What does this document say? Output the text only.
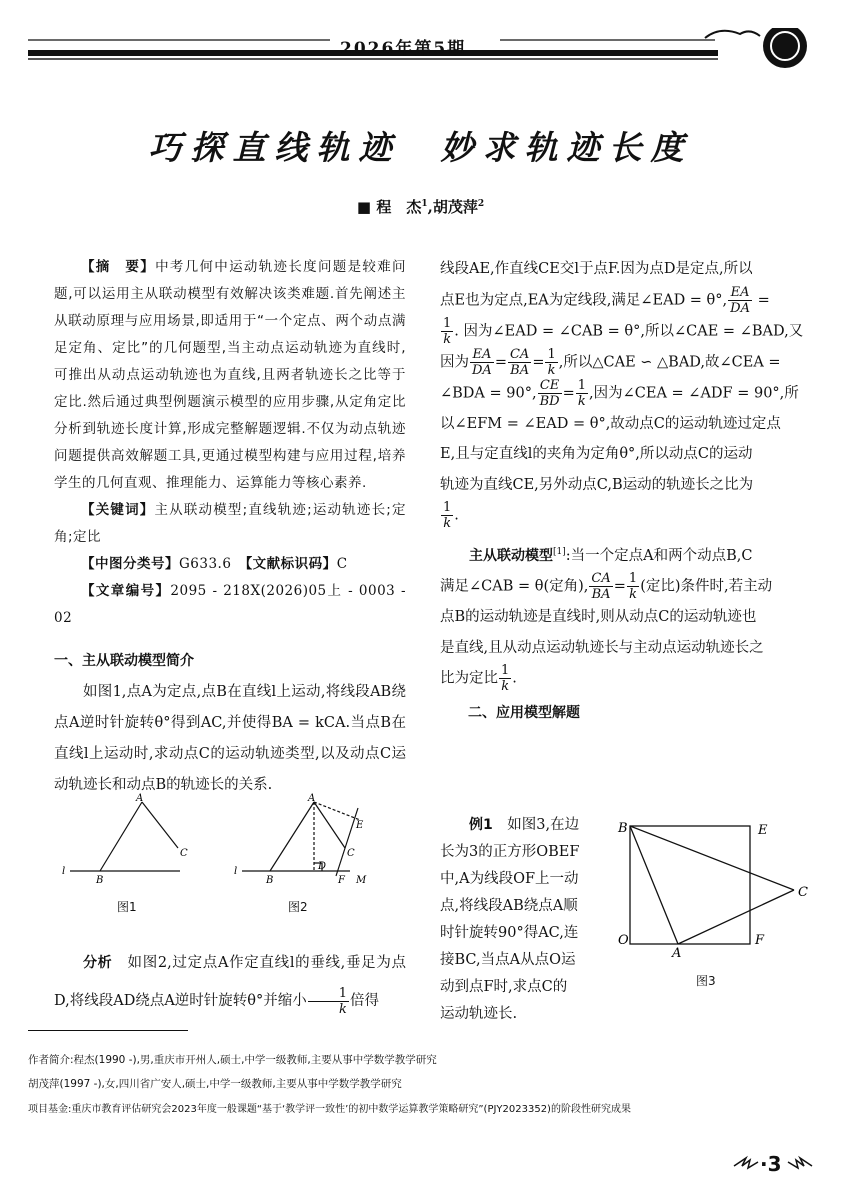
2026年第5期
巧探直线轨迹 妙求轨迹长度
■ 程　杰$^1$,胡茂萍$^2$

【摘　要】中考几何中运动轨迹长度问题是较难问题,可以运用主从联动模型有效解决该类难题.首先阐述主从联动原理与应用场景,即适用于“一个定点、两个动点满足定角、定比”的几何题型,当主动点运动轨迹为直线时,可推出从动点运动轨迹也为直线,且两者轨迹长之比等于定比.然后通过典型例题演示模型的应用步骤,从定角定比分析到轨迹长度计算,形成完整解题逻辑.不仅为动点轨迹问题提供高效解题工具,更通过模型构建与应用过程,培养学生的几何直观、推理能力、运算能力等核心素养.

【关键词】主从联动模型;直线轨迹;运动轨迹长;定角;定比

【中图分类号】G633.6　 【文献标识码】C

【文章编号】2095 - 218X(2026)05上 - 0003 - 02

一、主从联动模型简介

如图1,点A为定点,点B在直线l上运动,将线段AB绕点A逆时针旋转θ°得到AC,并使得BA = kCA.当点B在直线l上运动时,求动点C的运动轨迹类型,以及动点C运动轨迹长和动点B的轨迹长的关系.

A
C
B
l
A
E
C
B
D
F M
l
图1	图2

分析　 如图2,过定点A作定直线l的垂线,垂足为点D,将线段AD绕点A逆时针旋转θ°并缩小 $\frac{1}{k}$ 倍得

线段AE,作直线CE交l于点F.因为点D是定点,所以

点E也为定点,EA为定线段,满足∠EAD = θ°, $\frac{EA}{DA}$ =

$\frac{1}{k}$ . 因为∠EAD = ∠CAB = θ°,所以∠CAE = ∠BAD,又

因为 $\frac{EA}{DA} = \frac{CA}{BA} = \frac{1}{k}$ ,所以△CAE ∽ △BAD,故∠CEA =

∠BDA = 90°, $\frac{CE}{BD} = \frac{1}{k}$ ,因为∠CEA = ∠ADF = 90°,所

以∠EFM = ∠EAD = θ°,故动点C的运动轨迹过定点

E,且与定直线l的夹角为定角θ°,所以动点C的运动

轨迹为直线CE,另外动点C,B运动的轨迹长之比为

$\frac{1}{k}$ .

主从联动模型[1]:当一个定点A和两个动点B,C

满足∠CAB = θ(定角), $\frac{CA}{BA} = \frac{1}{k}$ (定比)条件时,若主动

点B的运动轨迹是直线时,则从动点C的运动轨迹也

是直线,且从动点运动轨迹长与主动点运动轨迹长之

比为定比 $\frac{1}{k}$ .

二、应用模型解题

例1　 如图3,在边

长为3的正方形OBEF

中,A为线段OF上一动

点,将线段AB绕点A顺

时针旋转90°得AC,连

接BC,当点A从点O运

动到点F时,求点C的

运动轨迹长.

B	E
C
O
A
F
图3
作者简介:程杰(1990 -),男,重庆市开州人,硕士,中学一级教师,主要从事中学数学教学研究
胡茂萍(1997 -),女,四川省广安人,硕士,中学一级教师,主要从事中学数学教学研究
项目基金:重庆市教育评估研究会2023年度一般课题“基于‘教学评一致性’的初中数学运算教学策略研究”(PJY2023352)的阶段性研究成果
·3
